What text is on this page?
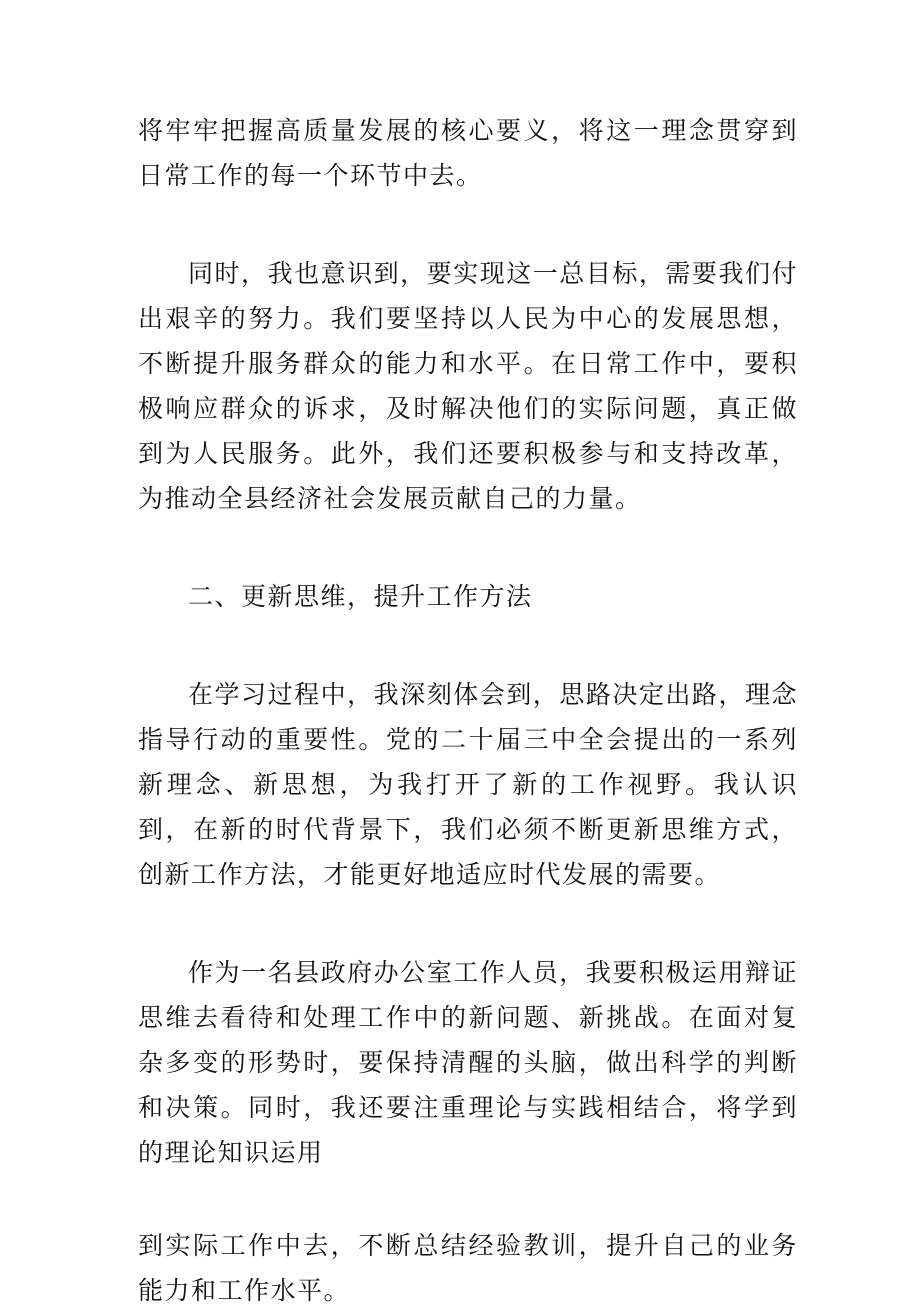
将牢牢把握高质量发展的核心要义，将这一理念贯穿到日常工作的每一个环节中去。

同时，我也意识到，要实现这一总目标，需要我们付出艰辛的努力。我们要坚持以人民为中心的发展思想，不断提升服务群众的能力和水平。在日常工作中，要积极响应群众的诉求，及时解决他们的实际问题，真正做到为人民服务。此外，我们还要积极参与和支持改革，为推动全县经济社会发展贡献自己的力量。

二、更新思维，提升工作方法

在学习过程中，我深刻体会到，思路决定出路，理念指导行动的重要性。党的二十届三中全会提出的一系列新理念、新思想，为我打开了新的工作视野。我认识到，在新的时代背景下，我们必须不断更新思维方式，创新工作方法，才能更好地适应时代发展的需要。

作为一名县政府办公室工作人员，我要积极运用辩证思维去看待和处理工作中的新问题、新挑战。在面对复杂多变的形势时，要保持清醒的头脑，做出科学的判断和决策。同时，我还要注重理论与实践相结合，将学到的理论知识运用

到实际工作中去，不断总结经验教训，提升自己的业务能力和工作水平。
